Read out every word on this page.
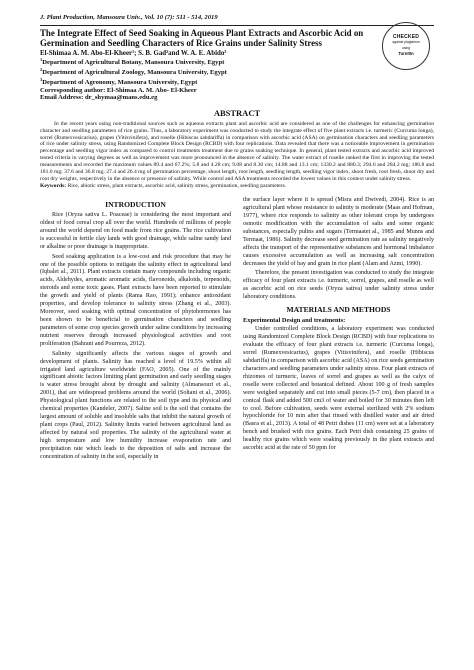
J. Plant Production, Mansoura Univ., Vol. 10 (7): 511 - 514, 2019
CHECKED
against plagiarism
using
TurnItIn
The Integrate Effect of Seed Soaking in Aqueous Plant Extracts and Ascorbic Acid on Germination and Seedling Characters of Rice Grains under Salinity Stress
El-Shimaa A. M. Abo-El-Kheer¹; S. B. Gad²and W. A. E. Abido³
$^1$Department of Agricultural Botany, Mansoura University, Egypt
$^2$Department of Agricultural Zoology, Mansoura University, Egypt
$^3$Department of Agronomy, Mansoura University, Egypt
Corresponding author: El-Shimaa A. M. Abo- El-Kheer
Email Address: dr_shymaa@mans.edu.eg
ABSTRACT

In the recent years using non-traditional sources such as aqueous extracts plant and ascorbic acid are considered as one of the challenges for enhancing germination character and seedling parameters of rice grains. Thus, a laboratory experiment was conducted to study the integrate effect of five plant extracts i.e. turmeric (Curcuma longa), sorrel (Rumexvesicarius), grapes (Vitisvinifera), and roselle (Hibiscus sabdariffa) in comparison with ascorbic acid (ASA) on germination characters and seedling parameters of rice under salinity stress, using Randomized Complete Block Design (RCBD) with four replications. Data revealed that there was a noticeable improvement in germination percentage and seedling vigor index as compared to control treatments treatment due to grains soaking technique. In general, plant tested extracts and ascorbic acid improved tested criteria in varying degrees as well as improvement was more pronounced in the absence of salinity. The water extract of roselle ranked the first in improving the tested measurements and recorded the maximum values 89.4 and 67.2%; 5.8 and 4.28 cm; 9.08 and 8.30 cm; 14.88 and 13.1 cm; 1330.2 and 880.3; 294.6 and 284.2 mg; 186.8 and 181.0 mg; 37.6 and 36.8 mg; 27.4 and 26.4 mg of germination percentage, shoot length, root length, seedling length, seedling vigor index, shoot fresh, root fresh, shoot dry and root dry weights, respectively in the absence or presence of salinity. While control and ASA treatments recorded the lowest values in this context under salinity stress.

Keywords: Rice, abiotic stress, plant extracts, ascorbic acid, salinity stress, germination, seedling parameters.
INTRODUCTION

Rice (Oryza sativa L. Poaceae) is considering the most important and oldest of food cereal crop all over the world. Hundreds of millions of people around the world depend on food made from rice grains. The rice cultivation is successful in fertile clay lands with good drainage, while saline sandy land or alkaline or poor drainage is inappropriate.

Seed soaking application is a low-cost and risk procedure that may be one of the possible options to mitigate the salinity effect in agricultural land (Iqbalet al., 2011). Plant extracts contain many compounds including organic acids, Aldehydes, aromatic aromatic acids, flavonoids, alkaloids, terpenoids, steroids and some toxic gases. Plant extracts have been reported to stimulate the growth and yield of plants (Rama Rao, 1991); enhance antioxidant properties, and develop tolerance to salinity stress (Zhang et al., 2003). Moreover, seed soaking with optimal concentration of phytohormones has been shown to be beneficial to germination characters and seedling parameters of some crop species growth under saline conditions by increasing nutrient reserves through increased physiological activities and root proliferation (Bahrani and Pourreza, 2012).

Salinity significantly affects the various stages of growth and development of plants. Salinity has reached a level of 19.5% within all irrigated land agriculture worldwide (FAO, 2005). One of the mainly significant abiotic factors limiting plant germination and early seedling stages is water stress brought about by drought and salinity (Almansouri et al., 2001), that are widespread problems around the world (Soltani et al., 2006). Physiological plant functions are related to the soil type and its physical and chemical properties (Kandeler, 2007). Saline soil is the soil that contains the largest amount of soluble and insoluble salts that inhibit the natural growth of plant crops (Paul, 2012). Salinity limits varied between agricultural land as affected by natural soil properties. The salinity of the agricultural water at high temperature and low humidity increase evaporation rate and precipitation rate which leads to the deposition of salts and increase the concentration of salinity in the soil, especially in

the surface layer where it is spread (Misra and Dwivedi, 2004). Rice is an agricultural plant whose resistance to salinity is moderate (Maas and Hofman, 1977), where rice responds to salinity as other tolerant crops by undergoes osmotic modification with the accumulation of salts and some organic substances, especially pulins and sugars (Termaatet al., 1985 and Munns and Termaat, 1986). Salinity decrease seed germination rate as salinity negatively affects the transport of the representative substances and hormonal imbalance causes excessive accumulation as well as increasing salt concentration decreases the yield of hay and grain in rice plant (Alam and Azmi, 1990).

Therefore, the present investigation was conducted to study the integrate efficacy of four plant extracts i.e. turmeric, sorrel, grapes, and roselle as well as ascorbic acid on rice seeds (Oryza sativa) under salinity stress under laboratory conditions.

MATERIALS AND METHODS
Experimental Design and treatments:

Under controlled conditions, a laboratory experiment was conducted using Randomized Complete Block Design (RCBD) with four replications to evaluate the efficacy of four plant extracts i.e. turmeric (Curcuma longa), sorrel (Rumexvesicarius), grapes (Vitisvinifera), and roselle (Hibiscus sabdariffa) in comparison with ascorbic acid (ASA) on rice seeds germination characters and seedling parameters under salinity stress. Four plant extracts of rhizomes of turmeric, leaves of sorrel and grapes as well as the calyx of roselle were collected and botanical defined. About 100 g of fresh samples were weighed separately and cut into small pieces (5-7 cm), then placed in a conical flask and added 500 cm3 of water and boiled for 30 minutes then left to cool. Before cultivation, seeds were external sterilized with 2% sodium hypochloride for 10 min after that rinsed with distilled water and air dried (Basra et al., 2013). A total of 48 Petri dishes (11 cm) were set at a laboratory bench and brushed with rice grains. Each Petri dish containing 25 grains of healthy rice grains which were soaking previously in the plant extracts and ascorbic acid at the rate of 50 ppm for
